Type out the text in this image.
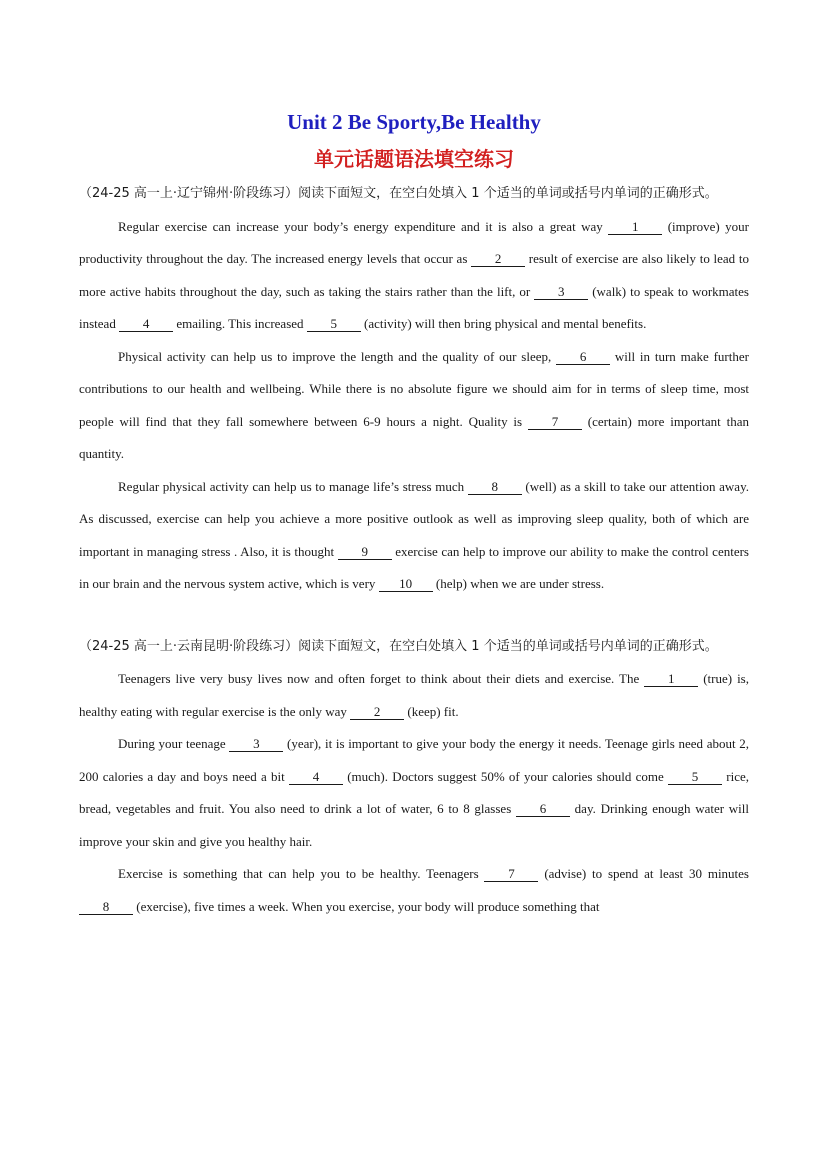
Unit 2 Be Sporty,Be Healthy
单元话题语法填空练习

（24-25 高一上·辽宁锦州·阶段练习）阅读下面短文，在空白处填入 1 个适当的单词或括号内单词的正确形式。

Regular exercise can increase your body’s energy expenditure and it is also a great way 1 (improve) your productivity throughout the day. The increased energy levels that occur as 2 result of exercise are also likely to lead to more active habits throughout the day, such as taking the stairs rather than the lift, or 3 (walk) to speak to workmates instead 4 emailing. This increased 5 (activity) will then bring physical and mental benefits.

Physical activity can help us to improve the length and the quality of our sleep, 6 will in turn make further contributions to our health and wellbeing. While there is no absolute figure we should aim for in terms of sleep time, most people will find that they fall somewhere between 6-9 hours a night. Quality is 7 (certain) more important than quantity.

Regular physical activity can help us to manage life’s stress much 8 (well) as a skill to take our attention away. As discussed, exercise can help you achieve a more positive outlook as well as improving sleep quality, both of which are important in managing stress . Also, it is thought 9 exercise can help to improve our ability to make the control centers in our brain and the nervous system active, which is very 10 (help) when we are under stress.

（24-25 高一上·云南昆明·阶段练习）阅读下面短文，在空白处填入 1 个适当的单词或括号内单词的正确形式。

Teenagers live very busy lives now and often forget to think about their diets and exercise. The 1 (true) is, healthy eating with regular exercise is the only way 2 (keep) fit.

During your teenage 3 (year), it is important to give your body the energy it needs. Teenage girls need about 2, 200 calories a day and boys need a bit 4 (much). Doctors suggest 50% of your calories should come 5 rice, bread, vegetables and fruit. You also need to drink a lot of water, 6 to 8 glasses 6 day. Drinking enough water will improve your skin and give you healthy hair.

Exercise is something that can help you to be healthy. Teenagers 7 (advise) to spend at least 30 minutes 8 (exercise), five times a week. When you exercise, your body will produce something that
